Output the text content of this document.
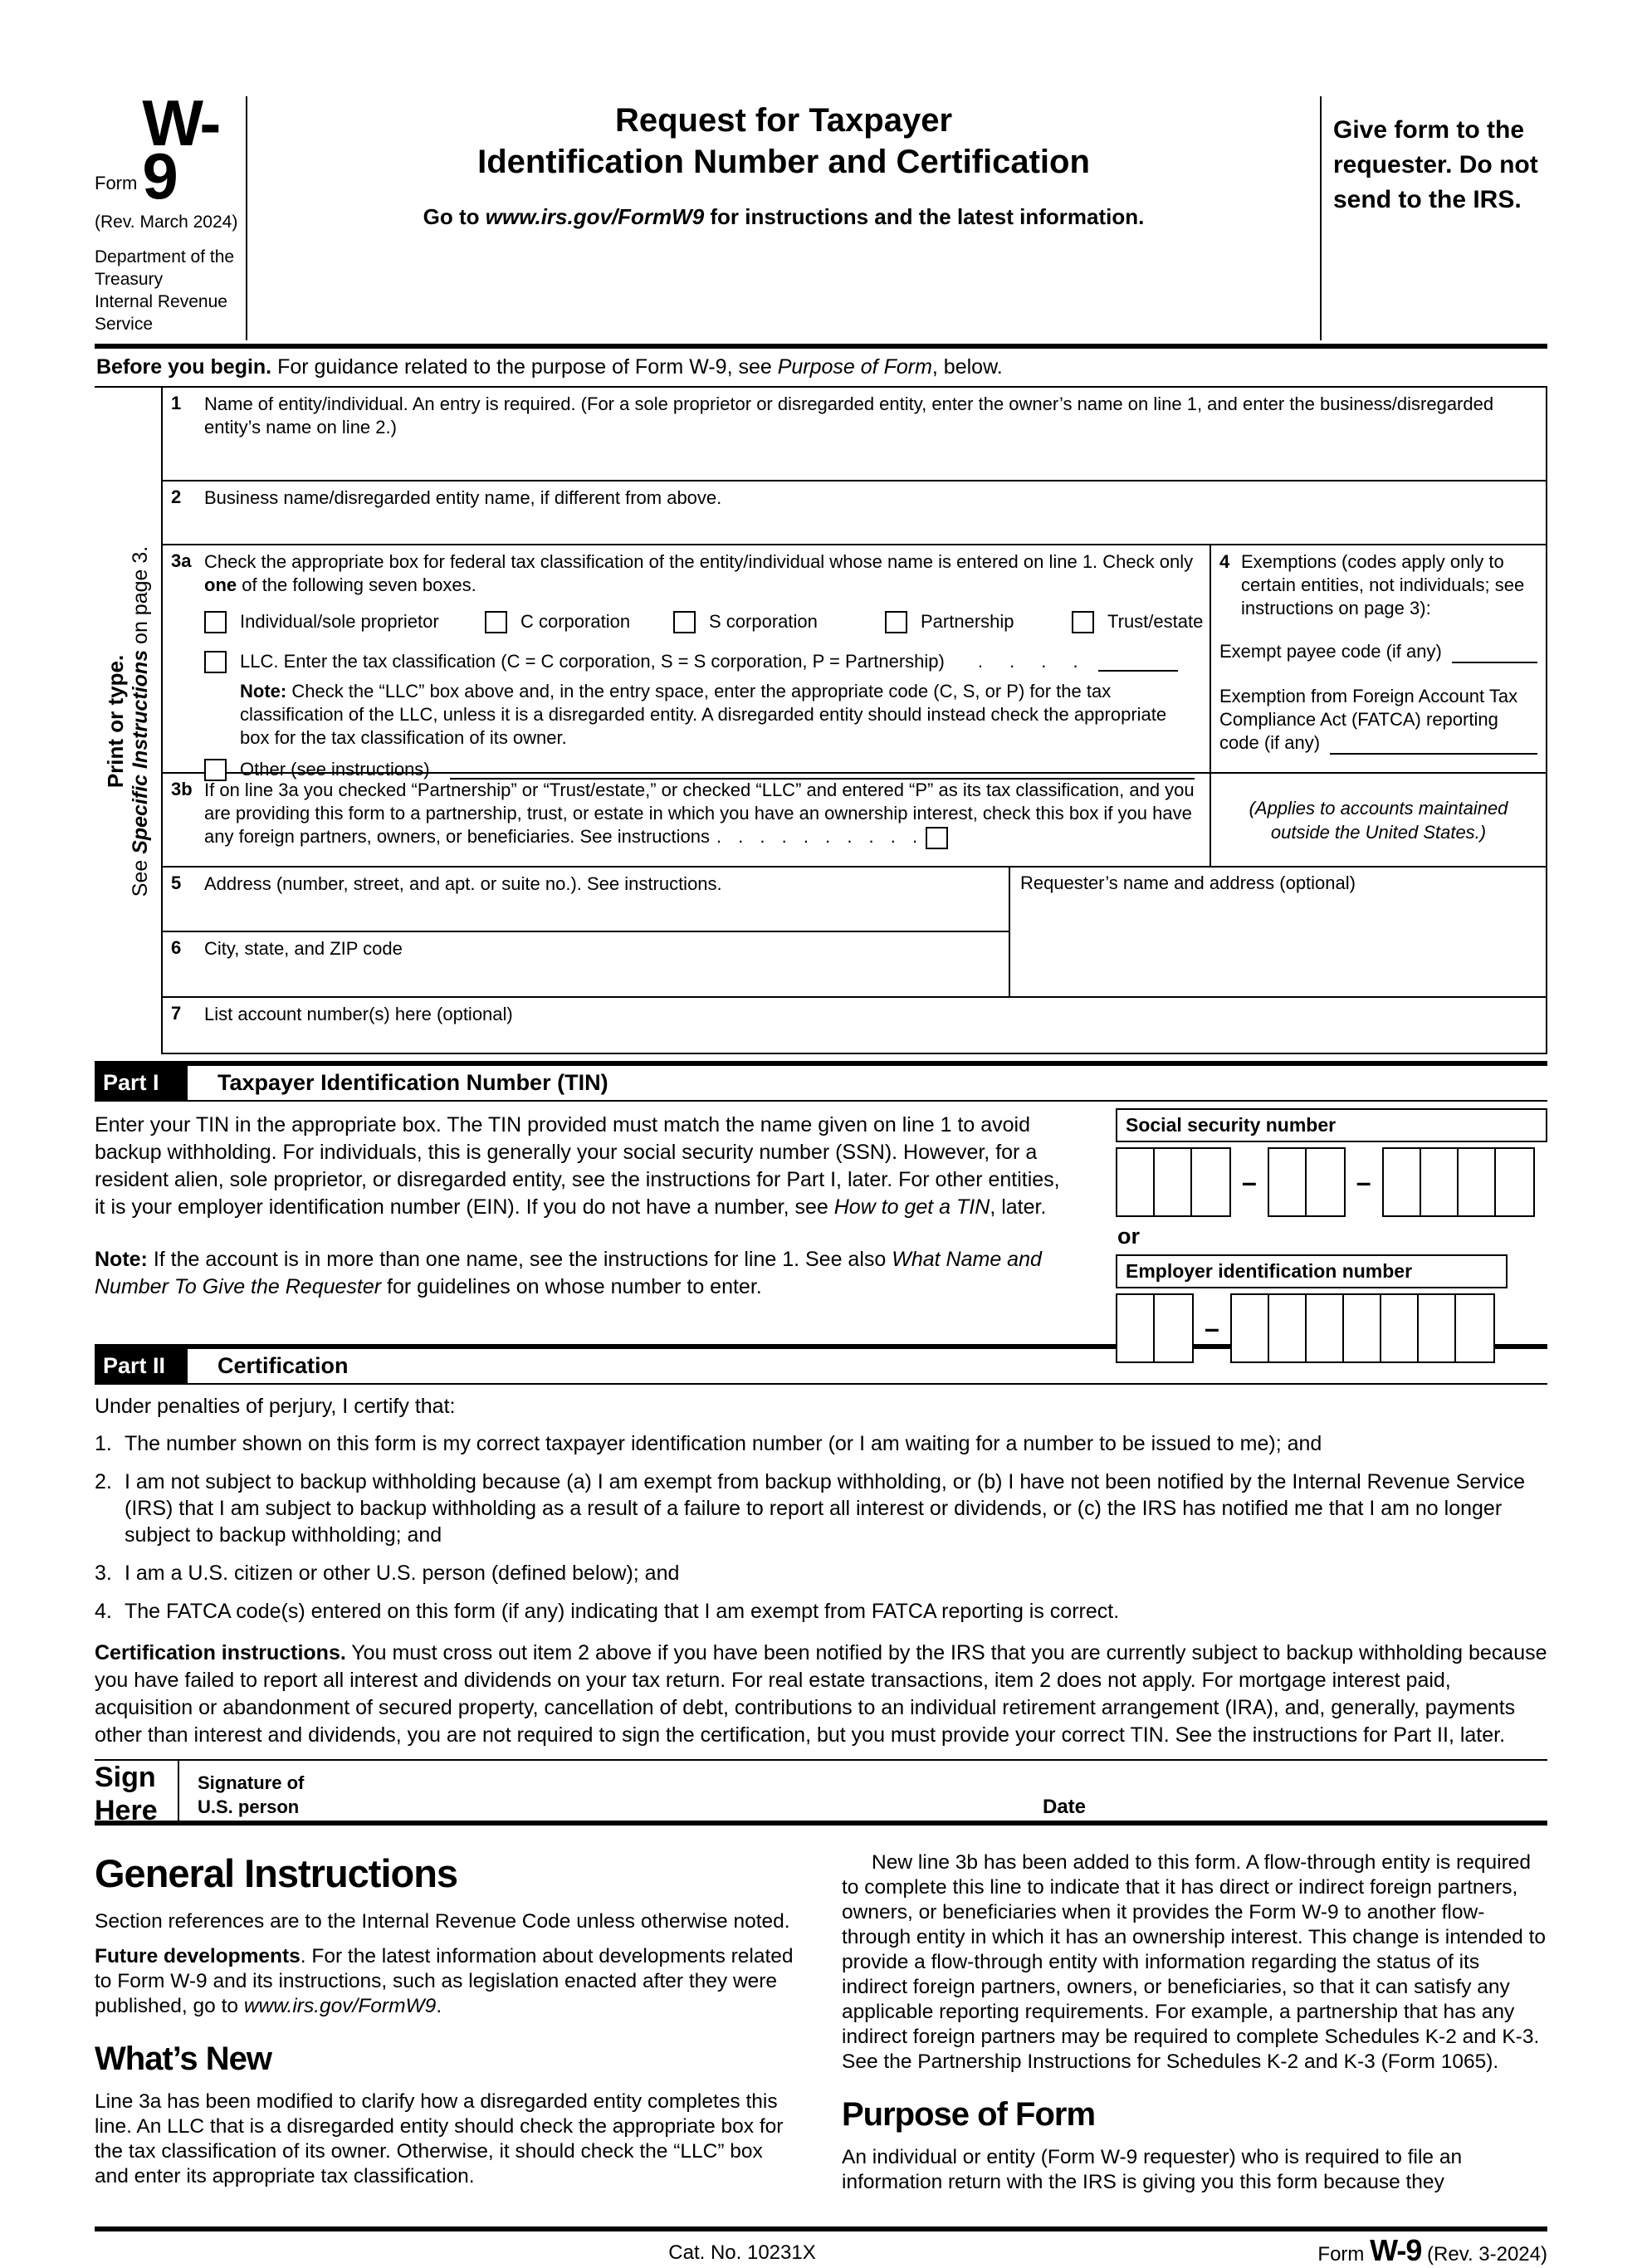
Form
W-9
(Rev. March 2024)
Department of the Treasury
Internal Revenue Service
Request for Taxpayer
Identification Number and Certification
Go to www.irs.gov/FormW9 for instructions and the latest information.
Give form to the requester. Do not send to the IRS.
Before you begin. For guidance related to the purpose of Form W-9, see Purpose of Form, below.
Print or type.
See Specific Instructions on page 3.
1	Name of entity/individual. An entry is required. (For a sole proprietor or disregarded entity, enter the owner’s name on line 1, and enter the business/disregarded entity’s name on line 2.)
2	Business name/disregarded entity name, if different from above.
3a Check the appropriate box for federal tax classification of the entity/individual whose name is entered on line 1. Check only one of the following seven boxes.
Individual/sole proprietor	C corporation	S corporation	Partnership	Trust/estate
LLC. Enter the tax classification (C = C corporation, S = S corporation, P = Partnership) . . . .
Note: Check the “LLC” box above and, in the entry space, enter the appropriate code (C, S, or P) for the tax classification of the LLC, unless it is a disregarded entity. A disregarded entity should instead check the appropriate box for the tax classification of its owner.
Other (see instructions)
3b If on line 3a you checked “Partnership” or “Trust/estate,” or checked “LLC” and entered “P” as its tax classification, and you are providing this form to a partnership, trust, or estate in which you have an ownership interest, check this box if you have any foreign partners, owners, or beneficiaries. See instructions . . . . . . . . . .
4 Exemptions (codes apply only to certain entities, not individuals; see instructions on page 3):
Exempt payee code (if any)
Exemption from Foreign Account Tax Compliance Act (FATCA) reporting
code (if any)
(Applies to accounts maintained outside the United States.)
5	Address (number, street, and apt. or suite no.). See instructions.
6	City, state, and ZIP code
Requester’s name and address (optional)
7	List account number(s) here (optional)
Part I	Taxpayer Identification Number (TIN)
Enter your TIN in the appropriate box. The TIN provided must match the name given on line 1 to avoid backup withholding. For individuals, this is generally your social security number (SSN). However, for a resident alien, sole proprietor, or disregarded entity, see the instructions for Part I, later. For other entities, it is your employer identification number (EIN). If you do not have a number, see How to get a TIN, later.
Note: If the account is in more than one name, see the instructions for line 1. See also What Name and Number To Give the Requester for guidelines on whose number to enter.
Social security number
–	–
or
Employer identification number
–
Part II	Certification
Under penalties of perjury, I certify that:
1. The number shown on this form is my correct taxpayer identification number (or I am waiting for a number to be issued to me); and
2. I am not subject to backup withholding because (a) I am exempt from backup withholding, or (b) I have not been notified by the Internal Revenue Service (IRS) that I am subject to backup withholding as a result of a failure to report all interest or dividends, or (c) the IRS has notified me that I am no longer subject to backup withholding; and
3. I am a U.S. citizen or other U.S. person (defined below); and
4. The FATCA code(s) entered on this form (if any) indicating that I am exempt from FATCA reporting is correct.
Certification instructions. You must cross out item 2 above if you have been notified by the IRS that you are currently subject to backup withholding because you have failed to report all interest and dividends on your tax return. For real estate transactions, item 2 does not apply. For mortgage interest paid, acquisition or abandonment of secured property, cancellation of debt, contributions to an individual retirement arrangement (IRA), and, generally, payments other than interest and dividends, you are not required to sign the certification, but you must provide your correct TIN. See the instructions for Part II, later.
Sign
Here
Signature of
U.S. person	Date
General Instructions
Section references are to the Internal Revenue Code unless otherwise noted.
Future developments. For the latest information about developments related to Form W-9 and its instructions, such as legislation enacted after they were published, go to www.irs.gov/FormW9.
What’s New
Line 3a has been modified to clarify how a disregarded entity completes this line. An LLC that is a disregarded entity should check the appropriate box for the tax classification of its owner. Otherwise, it should check the “LLC” box and enter its appropriate tax classification.
New line 3b has been added to this form. A flow-through entity is required to complete this line to indicate that it has direct or indirect foreign partners, owners, or beneficiaries when it provides the Form W-9 to another flow-through entity in which it has an ownership interest. This change is intended to provide a flow-through entity with information regarding the status of its indirect foreign partners, owners, or beneficiaries, so that it can satisfy any applicable reporting requirements. For example, a partnership that has any indirect foreign partners may be required to complete Schedules K-2 and K-3. See the Partnership Instructions for Schedules K-2 and K-3 (Form 1065).
Purpose of Form
An individual or entity (Form W-9 requester) who is required to file an information return with the IRS is giving you this form because they
Cat. No. 10231X	Form W-9 (Rev. 3-2024)
